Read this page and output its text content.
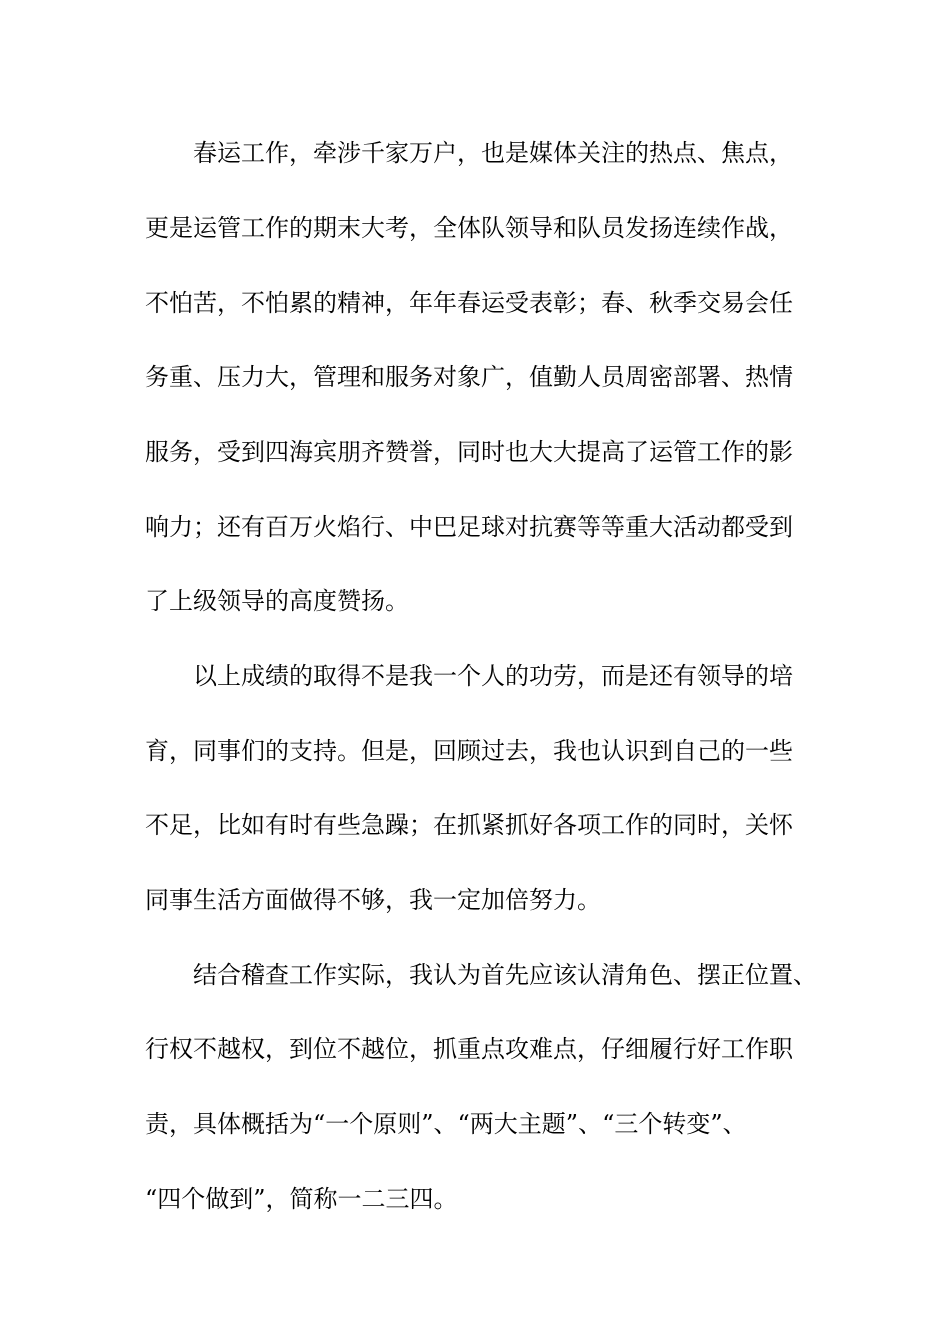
春运工作，牵涉千家万户，也是媒体关注的热点、焦点，

更是运管工作的期末大考，全体队领导和队员发扬连续作战，

不怕苦，不怕累的精神，年年春运受表彰；春、秋季交易会任

务重、压力大，管理和服务对象广，值勤人员周密部署、热情

服务，受到四海宾朋齐赞誉，同时也大大提高了运管工作的影

响力；还有百万火焰行、中巴足球对抗赛等等重大活动都受到

了上级领导的高度赞扬。

以上成绩的取得不是我一个人的功劳，而是还有领导的培

育，同事们的支持。但是，回顾过去，我也认识到自己的一些

不足，比如有时有些急躁；在抓紧抓好各项工作的同时，关怀

同事生活方面做得不够，我一定加倍努力。

结合稽查工作实际，我认为首先应该认清角色、摆正位置、

行权不越权，到位不越位，抓重点攻难点，仔细履行好工作职

责，具体概括为“一个原则”、“两大主题”、“三个转变”、

“四个做到”，简称一二三四。
